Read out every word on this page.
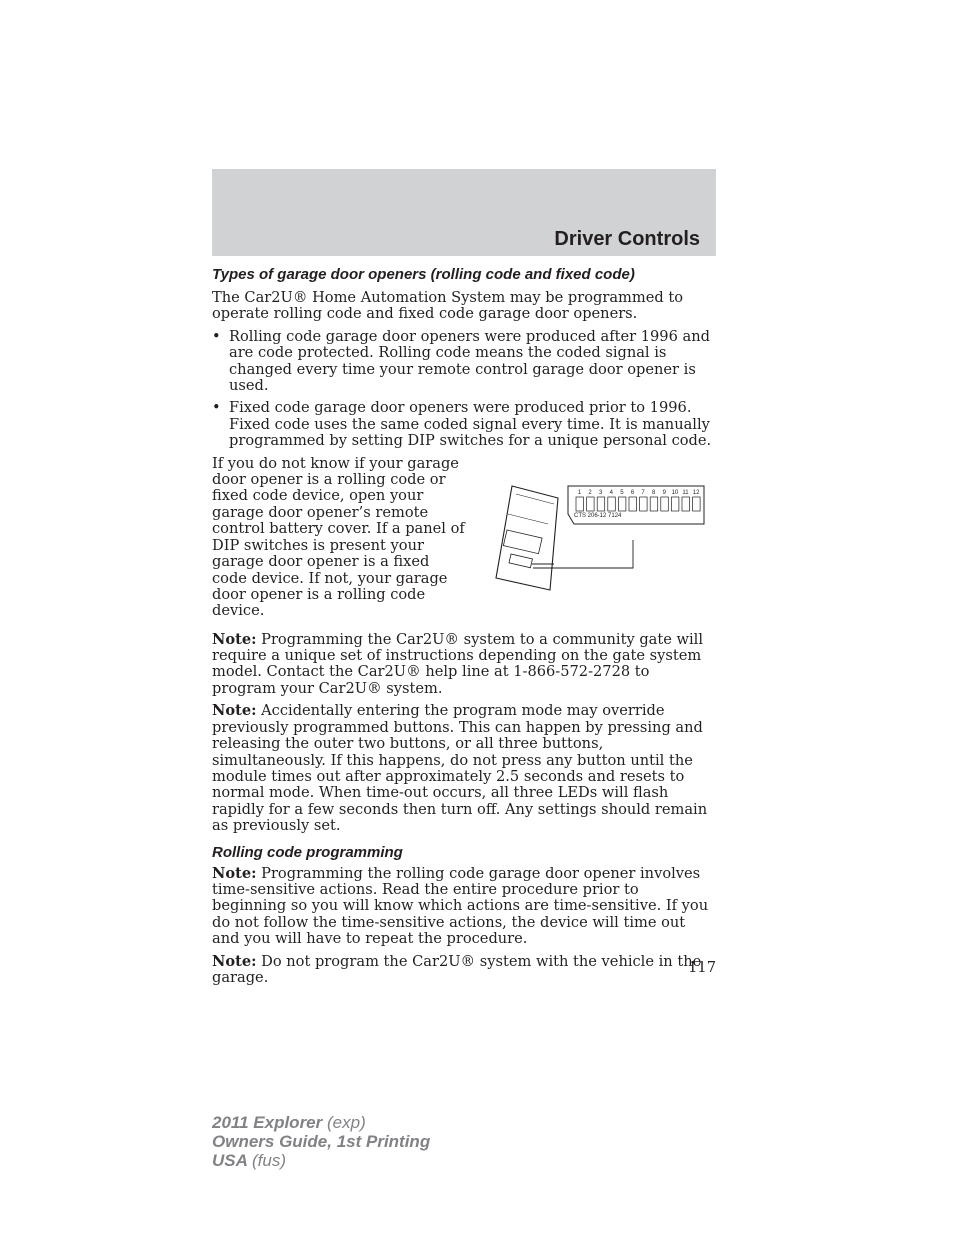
Driver Controls
Types of garage door openers (rolling code and fixed code)

The Car2U® Home Automation System may be programmed to operate rolling code and fixed code garage door openers.

• Rolling code garage door openers were produced after 1996 and are code protected. Rolling code means the coded signal is changed every time your remote control garage door opener is used.
• Fixed code garage door openers were produced prior to 1996. Fixed code uses the same coded signal every time. It is manually programmed by setting DIP switches for a unique personal code.
If you do not know if your garage door opener is a rolling code or fixed code device, open your garage door opener’s remote control battery cover. If a panel of DIP switches is present your garage door opener is a fixed code device. If not, your garage door opener is a rolling code device.
1 2 3 4 5 6 7 8 9 10 11 12
CTS 206-12 7124

Note: Programming the Car2U® system to a community gate will require a unique set of instructions depending on the gate system model. Contact the Car2U® help line at 1-866-572-2728 to program your Car2U® system.

Note: Accidentally entering the program mode may override previously programmed buttons. This can happen by pressing and releasing the outer two buttons, or all three buttons, simultaneously. If this happens, do not press any button until the module times out after approximately 2.5 seconds and resets to normal mode. When time-out occurs, all three LEDs will flash rapidly for a few seconds then turn off. Any settings should remain as previously set.

Rolling code programming

Note: Programming the rolling code garage door opener involves time-sensitive actions. Read the entire procedure prior to beginning so you will know which actions are time-sensitive. If you do not follow the time-sensitive actions, the device will time out and you will have to repeat the procedure.

Note: Do not program the Car2U® system with the vehicle in the garage.

117
2011 Explorer (exp)
Owners Guide, 1st Printing
USA (fus)
